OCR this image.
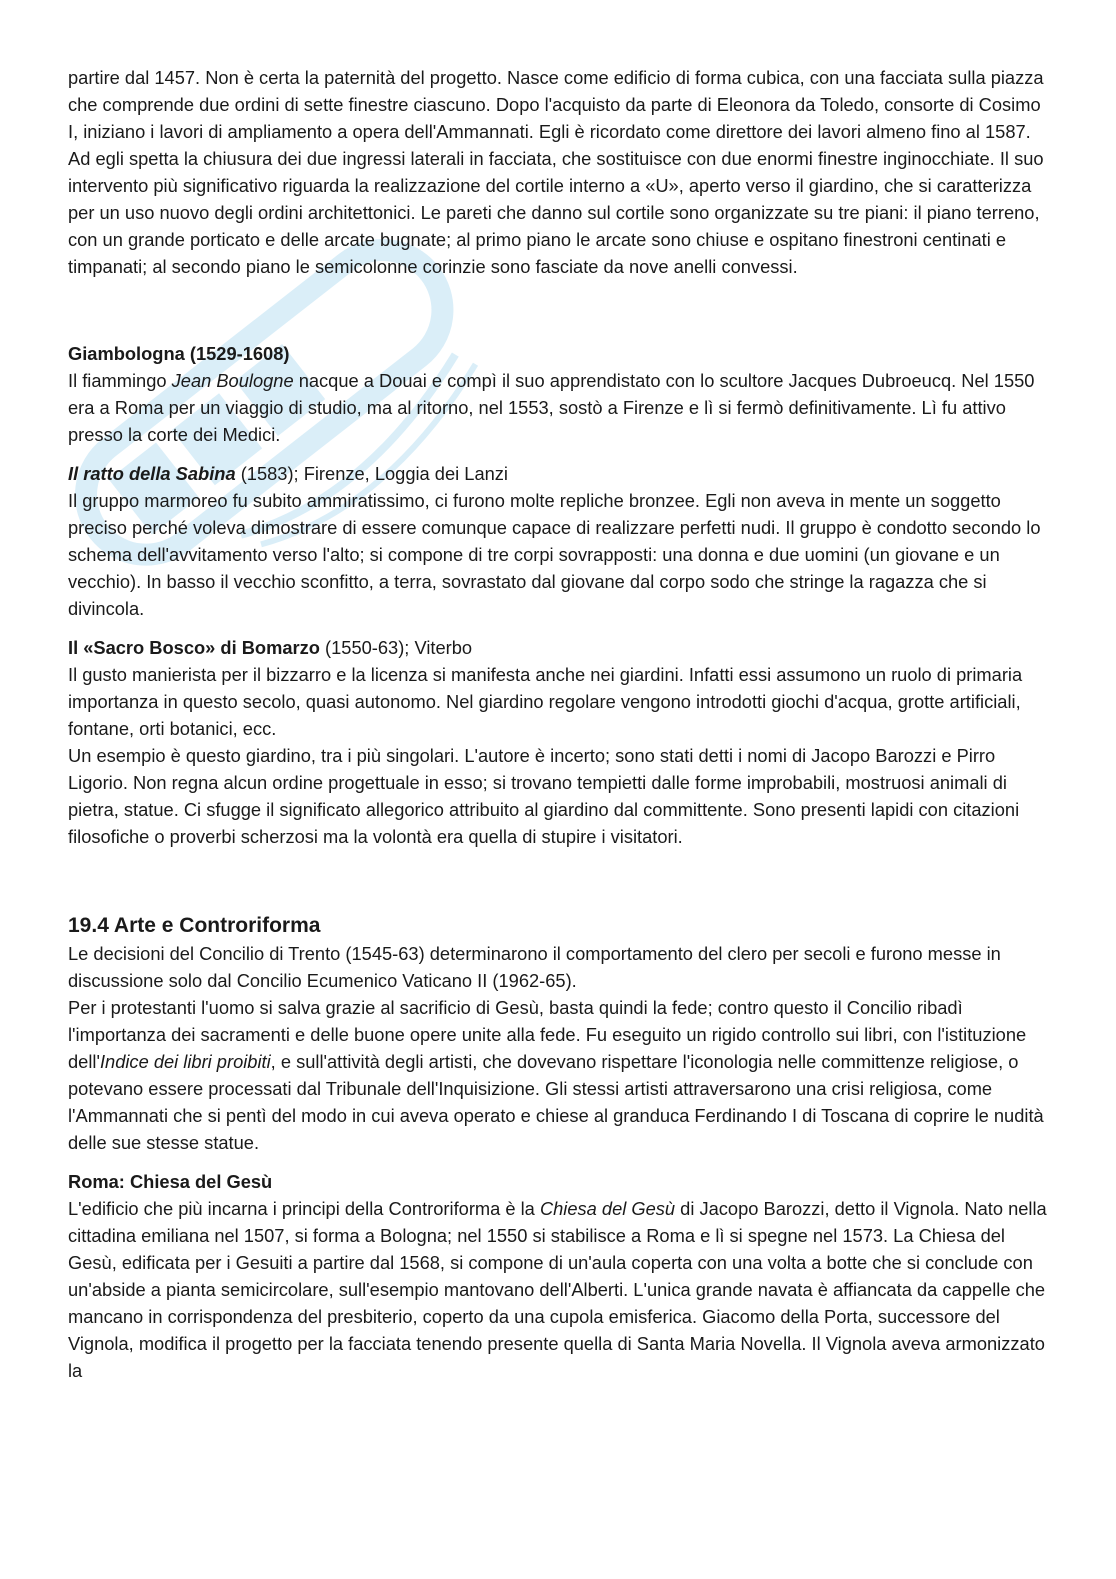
partire dal 1457. Non è certa la paternità del progetto. Nasce come edificio di forma cubica, con una facciata sulla piazza che comprende due ordini di sette finestre ciascuno. Dopo l'acquisto da parte di Eleonora da Toledo, consorte di Cosimo I, iniziano i lavori di ampliamento a opera dell'Ammannati. Egli è ricordato come direttore dei lavori almeno fino al 1587. Ad egli spetta la chiusura dei due ingressi laterali in facciata, che sostituisce con due enormi finestre inginocchiate. Il suo intervento più significativo riguarda la realizzazione del cortile interno a «U», aperto verso il giardino, che si caratterizza per un uso nuovo degli ordini architettonici. Le pareti che danno sul cortile sono organizzate su tre piani: il piano terreno, con un grande porticato e delle arcate bugnate; al primo piano le arcate sono chiuse e ospitano finestroni centinati e timpanati; al secondo piano le semicolonne corinzie sono fasciate da nove anelli convessi.

Giambologna (1529-1608)

Il fiammingo Jean Boulogne nacque a Douai e compì il suo apprendistato con lo scultore Jacques Dubroeucq. Nel 1550 era a Roma per un viaggio di studio, ma al ritorno, nel 1553, sostò a Firenze e lì si fermò definitivamente. Lì fu attivo presso la corte dei Medici.

Il ratto della Sabina (1583); Firenze, Loggia dei Lanzi

Il gruppo marmoreo fu subito ammiratissimo, ci furono molte repliche bronzee. Egli non aveva in mente un soggetto preciso perché voleva dimostrare di essere comunque capace di realizzare perfetti nudi. Il gruppo è condotto secondo lo schema dell'avvitamento verso l'alto; si compone di tre corpi sovrapposti: una donna e due uomini (un giovane e un vecchio). In basso il vecchio sconfitto, a terra, sovrastato dal giovane dal corpo sodo che stringe la ragazza che si divincola.

Il «Sacro Bosco» di Bomarzo (1550-63); Viterbo

Il gusto manierista per il bizzarro e la licenza si manifesta anche nei giardini. Infatti essi assumono un ruolo di primaria importanza in questo secolo, quasi autonomo. Nel giardino regolare vengono introdotti giochi d'acqua, grotte artificiali, fontane, orti botanici, ecc.

Un esempio è questo giardino, tra i più singolari. L'autore è incerto; sono stati detti i nomi di Jacopo Barozzi e Pirro Ligorio. Non regna alcun ordine progettuale in esso; si trovano tempietti dalle forme improbabili, mostruosi animali di pietra, statue. Ci sfugge il significato allegorico attribuito al giardino dal committente. Sono presenti lapidi con citazioni filosofiche o proverbi scherzosi ma la volontà era quella di stupire i visitatori.

19.4 Arte e Controriforma

Le decisioni del Concilio di Trento (1545-63) determinarono il comportamento del clero per secoli e furono messe in discussione solo dal Concilio Ecumenico Vaticano II (1962-65).

Per i protestanti l'uomo si salva grazie al sacrificio di Gesù, basta quindi la fede; contro questo il Concilio ribadì l'importanza dei sacramenti e delle buone opere unite alla fede. Fu eseguito un rigido controllo sui libri, con l'istituzione dell'Indice dei libri proibiti, e sull'attività degli artisti, che dovevano rispettare l'iconologia nelle committenze religiose, o potevano essere processati dal Tribunale dell'Inquisizione. Gli stessi artisti attraversarono una crisi religiosa, come l'Ammannati che si pentì del modo in cui aveva operato e chiese al granduca Ferdinando I di Toscana di coprire le nudità delle sue stesse statue.

Roma: Chiesa del Gesù

L'edificio che più incarna i principi della Controriforma è la Chiesa del Gesù di Jacopo Barozzi, detto il Vignola. Nato nella cittadina emiliana nel 1507, si forma a Bologna; nel 1550 si stabilisce a Roma e lì si spegne nel 1573. La Chiesa del Gesù, edificata per i Gesuiti a partire dal 1568, si compone di un'aula coperta con una volta a botte che si conclude con un'abside a pianta semicircolare, sull'esempio mantovano dell'Alberti. L'unica grande navata è affiancata da cappelle che mancano in corrispondenza del presbiterio, coperto da una cupola emisferica. Giacomo della Porta, successore del Vignola, modifica il progetto per la facciata tenendo presente quella di Santa Maria Novella. Il Vignola aveva armonizzato la
